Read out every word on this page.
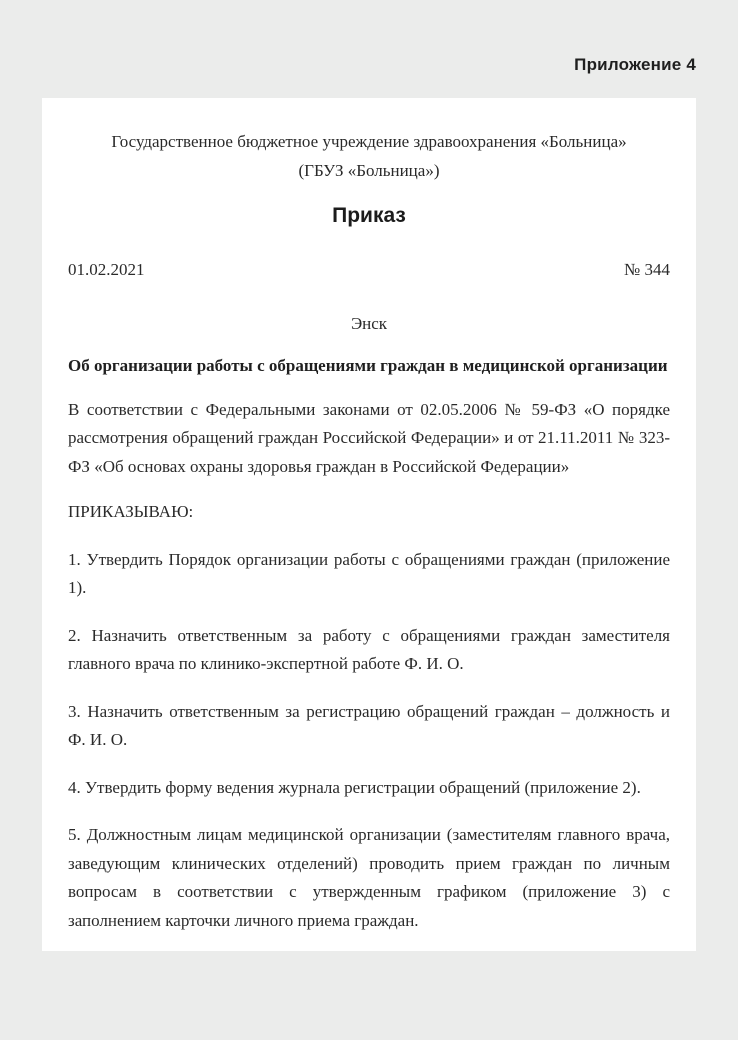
Приложение 4
Государственное бюджетное учреждение здравоохранения «Больница»
(ГБУЗ «Больница»)
Приказ
01.02.2021	№ 344
Энск

Об организации работы с обращениями граждан в медицинской организации

В соответствии с Федеральными законами от 02.05.2006 № 59-ФЗ «О порядке рассмотрения обращений граждан Российской Федерации» и от 21.11.2011 № 323-ФЗ «Об основах охраны здоровья граждан в Российской Федерации»

ПРИКАЗЫВАЮ:

1. Утвердить Порядок организации работы с обращениями граждан (приложение 1).

2. Назначить ответственным за работу с обращениями граждан заместителя главного врача по клинико-экспертной работе Ф. И. О.

3. Назначить ответственным за регистрацию обращений граждан – должность и Ф. И. О.

4. Утвердить форму ведения журнала регистрации обращений (приложение 2).

5. Должностным лицам медицинской организации (заместителям главного врача, заведующим клинических отделений) проводить прием граждан по личным вопросам в соответствии с утвержденным графиком (приложение 3) с заполнением карточки личного приема граждан.
